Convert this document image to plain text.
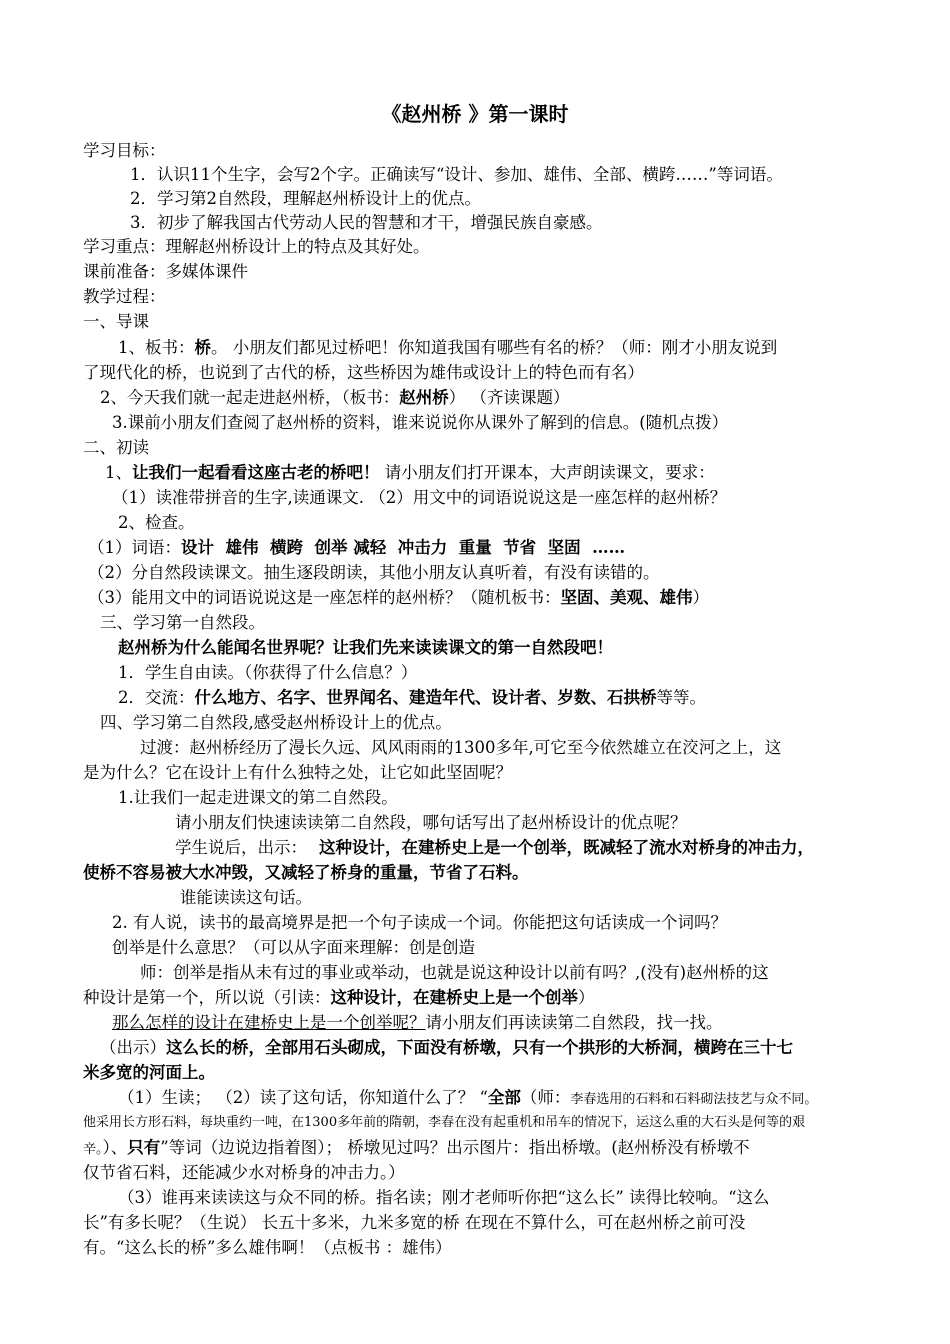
《赵州桥 》第一课时
学习目标：
1．认识11个生字，会写2个字。正确读写“设计、参加、雄伟、全部、横跨……”等词语。
2．学习第2自然段，理解赵州桥设计上的优点。
3．初步了解我国古代劳动人民的智慧和才干，增强民族自豪感。
学习重点：理解赵州桥设计上的特点及其好处。
课前准备：多媒体课件
教学过程：
一、导课
1、板书：桥。 小朋友们都见过桥吧！你知道我国有哪些有名的桥？（师：刚才小朋友说到
了现代化的桥，也说到了古代的桥，这些桥因为雄伟或设计上的特色而有名）
2、今天我们就一起走进赵州桥，（板书：赵州桥） （齐读课题）
3.课前小朋友们查阅了赵州桥的资料，谁来说说你从课外了解到的信息。(随机点拨）
二、初读
1、让我们一起看看这座古老的桥吧！ 请小朋友们打开课本，大声朗读课文，要求：
（1）读准带拼音的生字,读通课文. （2）用文中的词语说说这是一座怎样的赵州桥？
2、检查。
（1）词语：设计  雄伟  横跨  创举 减轻  冲击力  重量  节省  坚固  ……
（2）分自然段读课文。抽生逐段朗读，其他小朋友认真听着，有没有读错的。
（3）能用文中的词语说说这是一座怎样的赵州桥？（随机板书：坚固、美观、雄伟）
三、学习第一自然段。
赵州桥为什么能闻名世界呢？让我们先来读读课文的第一自然段吧！
1．学生自由读。（你获得了什么信息？）
2．交流：什么地方、名字、世界闻名、建造年代、设计者、岁数、石拱桥等等。
四、学习第二自然段,感受赵州桥设计上的优点。
过渡：赵州桥经历了漫长久远、风风雨雨的1300多年,可它至今依然雄立在洨河之上，这
是为什么？它在设计上有什么独特之处，让它如此坚固呢？
1.让我们一起走进课文的第二自然段。
请小朋友们快速读读第二自然段，哪句话写出了赵州桥设计的优点呢？
学生说后，出示： 这种设计，在建桥史上是一个创举，既减轻了流水对桥身的冲击力，
使桥不容易被大水冲毁，又减轻了桥身的重量，节省了石料。
谁能读读这句话。
2. 有人说，读书的最高境界是把一个句子读成一个词。你能把这句话读成一个词吗？
创举是什么意思？（可以从字面来理解：创是创造
师：创举是指从未有过的事业或举动，也就是说这种设计以前有吗？,(没有)赵州桥的这
种设计是第一个，所以说（引读：这种设计，在建桥史上是一个创举）
那么怎样的设计在建桥史上是一个创举呢？请小朋友们再读读第二自然段，找一找。
（出示）这么长的桥，全部用石头砌成，下面没有桥墩，只有一个拱形的大桥洞，横跨在三十七
米多宽的河面上。
（1）生读； （2）读了这句话，你知道什么了？ “全部（师：李春选用的石料和石料砌法技艺与众不同。
他采用长方形石料，每块重约一吨，在1300多年前的隋朝，李春在没有起重机和吊车的情况下，运这么重的大石头是何等的艰
辛。）、只有”等词（边说边指着图）； 桥墩见过吗？出示图片：指出桥墩。(赵州桥没有桥墩不
仅节省石料，还能减少水对桥身的冲击力。）
（3）谁再来读读这与众不同的桥。指名读；刚才老师听你把“这么长” 读得比较响。“这么
长”有多长呢？（生说） 长五十多米，九米多宽的桥 在现在不算什么，可在赵州桥之前可没
有。“这么长的桥”多么雄伟啊！（点板书 ：雄伟）
